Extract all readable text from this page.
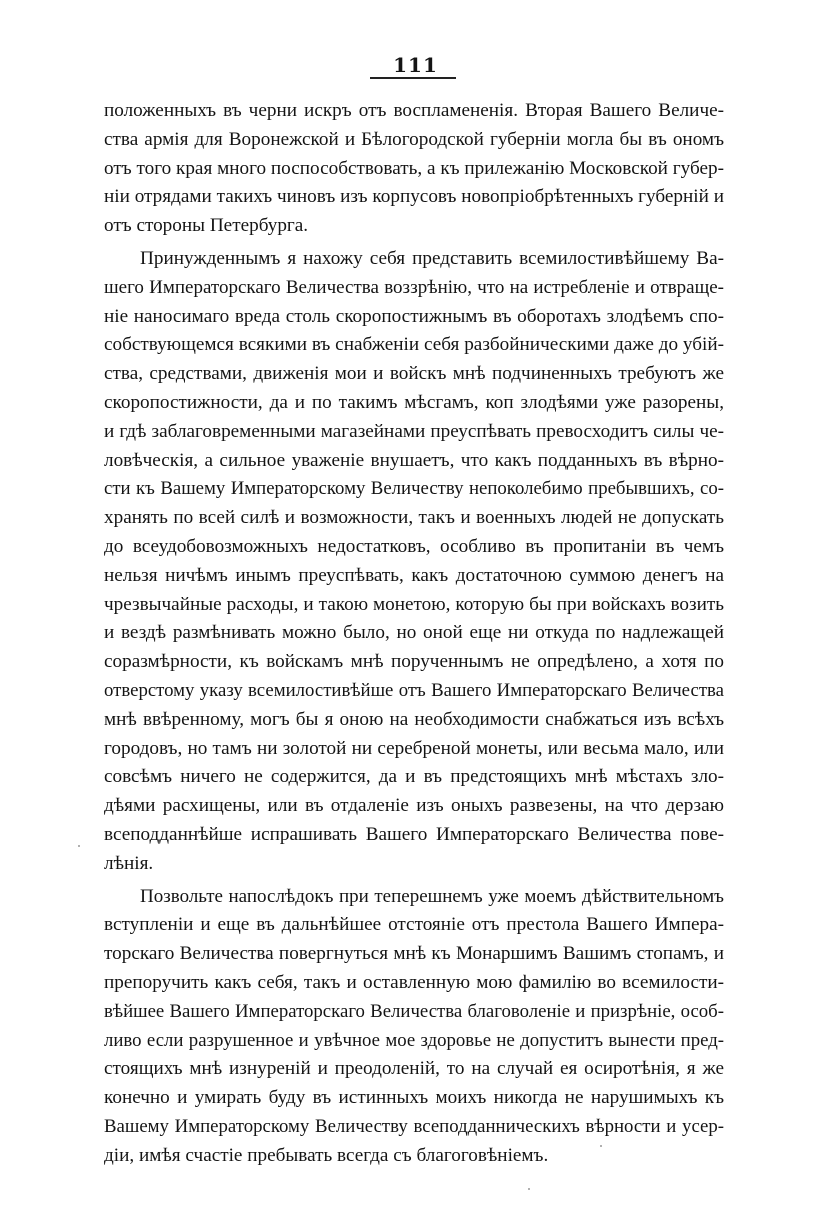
111
положенныхъ въ черни искръ отъ воспламененія. Вторая Вашего Величе-
ства армія для Воронежской и Бѣлогородской губерніи могла бы въ ономъ
отъ того края много поспособствовать, а къ прилежанію Московской губер-
ніи отрядами такихъ чиновъ изъ корпусовъ новопріобрѣтенныхъ губерній и
отъ стороны Петербурга.
Принужденнымъ я нахожу себя представить всемилостивѣйшему Ва-
шего Императорскаго Величества воззрѣнію, что на истребленіе и отвраще-
ніе наносимаго вреда столь скоропостижнымъ въ оборотахъ злодѣемъ спо-
собствующемся всякими въ снабженіи себя разбойническими даже до убій-
ства, средствами, движенія мои и войскъ мнѣ подчиненныхъ требуютъ же
скоропостижности, да и по такимъ мѣсгамъ, коп злодѣями уже разорены,
и гдѣ заблаговременными магазейнами преуспѣвать превосходитъ силы че-
ловѣческія, а сильное уваженіе внушаетъ, что какъ подданныхъ въ вѣрно-
сти къ Вашему Императорскому Величеству непоколебимо пребывшихъ, со-
хранять по всей силѣ и возможности, такъ и военныхъ людей не допускать
до всеудобовозможныхъ недостатковъ, особливо въ пропитаніи въ чемъ
нельзя ничѣмъ инымъ преуспѣвать, какъ достаточною суммою денегъ на
чрезвычайные расходы, и такою монетою, которую бы при войскахъ возить
и вездѣ размѣнивать можно было, но оной еще ни откуда по надлежащей
соразмѣрности, къ войскамъ мнѣ порученнымъ не опредѣлено, а хотя по
отверстому указу всемилостивѣйше отъ Вашего Императорскаго Величества
мнѣ ввѣренному, могъ бы я оною на необходимости снабжаться изъ всѣхъ
городовъ, но тамъ ни золотой ни серебреной монеты, или весьма мало, или
совсѣмъ ничего не содержится, да и въ предстоящихъ мнѣ мѣстахъ зло-
дѣями расхищены, или въ отдаленіе изъ оныхъ развезены, на что дерзаю
всеподданнѣйше испрашивать Вашего Императорскаго Величества пове-
лѣнія.
Позвольте напослѣдокъ при теперешнемъ уже моемъ дѣйствительномъ
вступленіи и еще въ дальнѣйшее отстояніе отъ престола Вашего Импера-
торскаго Величества повергнуться мнѣ къ Монаршимъ Вашимъ стопамъ, и
препоручить какъ себя, такъ и оставленную мою фамилію во всемилости-
вѣйшее Вашего Императорскаго Величества благоволеніе и призрѣніе, особ-
ливо если разрушенное и увѣчное мое здоровье не допуститъ вынести пред-
стоящихъ мнѣ изнуреній и преодоленій, то на случай ея осиротѣнія, я же
конечно и умирать буду въ истинныхъ моихъ никогда не нарушимыхъ къ
Вашему Императорскому Величеству всеподданническихъ вѣрности и усер-
діи, имѣя счастіе пребывать всегда съ благоговѣніемъ.
